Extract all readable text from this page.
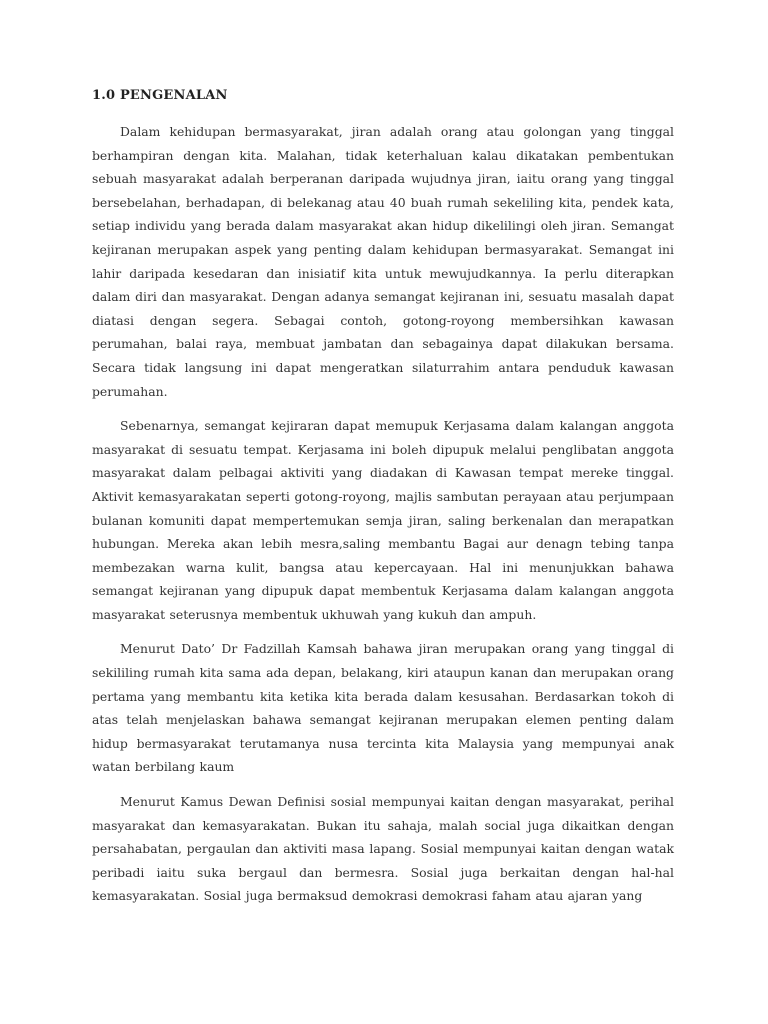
1.0 PENGENALAN

Dalam kehidupan bermasyarakat, jiran adalah orang atau golongan yang tinggal berhampiran dengan kita. Malahan, tidak keterhaluan kalau dikatakan pembentukan sebuah masyarakat adalah berperanan daripada wujudnya jiran, iaitu orang yang tinggal bersebelahan, berhadapan, di belekanag atau 40 buah rumah sekeliling kita, pendek kata, setiap individu yang berada dalam masyarakat akan hidup dikelilingi oleh jiran. Semangat kejiranan merupakan aspek yang penting dalam kehidupan bermasyarakat. Semangat ini lahir daripada kesedaran dan inisiatif kita untuk mewujudkannya. Ia perlu diterapkan dalam diri dan masyarakat. Dengan adanya semangat kejiranan ini, sesuatu masalah dapat diatasi dengan segera. Sebagai contoh, gotong-royong membersihkan kawasan perumahan, balai raya, membuat jambatan dan sebagainya dapat dilakukan bersama. Secara tidak langsung ini dapat mengeratkan silaturrahim antara penduduk kawasan perumahan.

Sebenarnya, semangat kejiraran dapat memupuk Kerjasama dalam kalangan anggota masyarakat di sesuatu tempat. Kerjasama ini boleh dipupuk melalui penglibatan anggota masyarakat dalam pelbagai aktiviti yang diadakan di Kawasan tempat mereke tinggal. Aktivit kemasyarakatan seperti gotong-royong, majlis sambutan perayaan atau perjumpaan bulanan komuniti dapat mempertemukan semja jiran, saling berkenalan dan merapatkan hubungan. Mereka akan lebih mesra,saling membantu Bagai aur denagn tebing tanpa membezakan warna kulit, bangsa atau kepercayaan. Hal ini menunjukkan bahawa semangat kejiranan yang dipupuk dapat membentuk Kerjasama dalam kalangan anggota masyarakat seterusnya membentuk ukhuwah yang kukuh dan ampuh.

Menurut Dato’ Dr Fadzillah Kamsah bahawa jiran merupakan orang yang tinggal di sekililing rumah kita sama ada depan, belakang, kiri ataupun kanan dan merupakan orang pertama yang membantu kita ketika kita berada dalam kesusahan. Berdasarkan tokoh di atas telah menjelaskan bahawa semangat kejiranan merupakan elemen penting dalam hidup bermasyarakat terutamanya nusa tercinta kita Malaysia yang mempunyai anak watan berbilang kaum

Menurut Kamus Dewan Definisi sosial mempunyai kaitan dengan masyarakat, perihal masyarakat dan kemasyarakatan. Bukan itu sahaja, malah social juga dikaitkan dengan persahabatan, pergaulan dan aktiviti masa lapang. Sosial mempunyai kaitan dengan watak peribadi iaitu suka bergaul dan bermesra. Sosial juga berkaitan dengan hal-hal kemasyarakatan. Sosial juga bermaksud demokrasi demokrasi faham atau ajaran yang
